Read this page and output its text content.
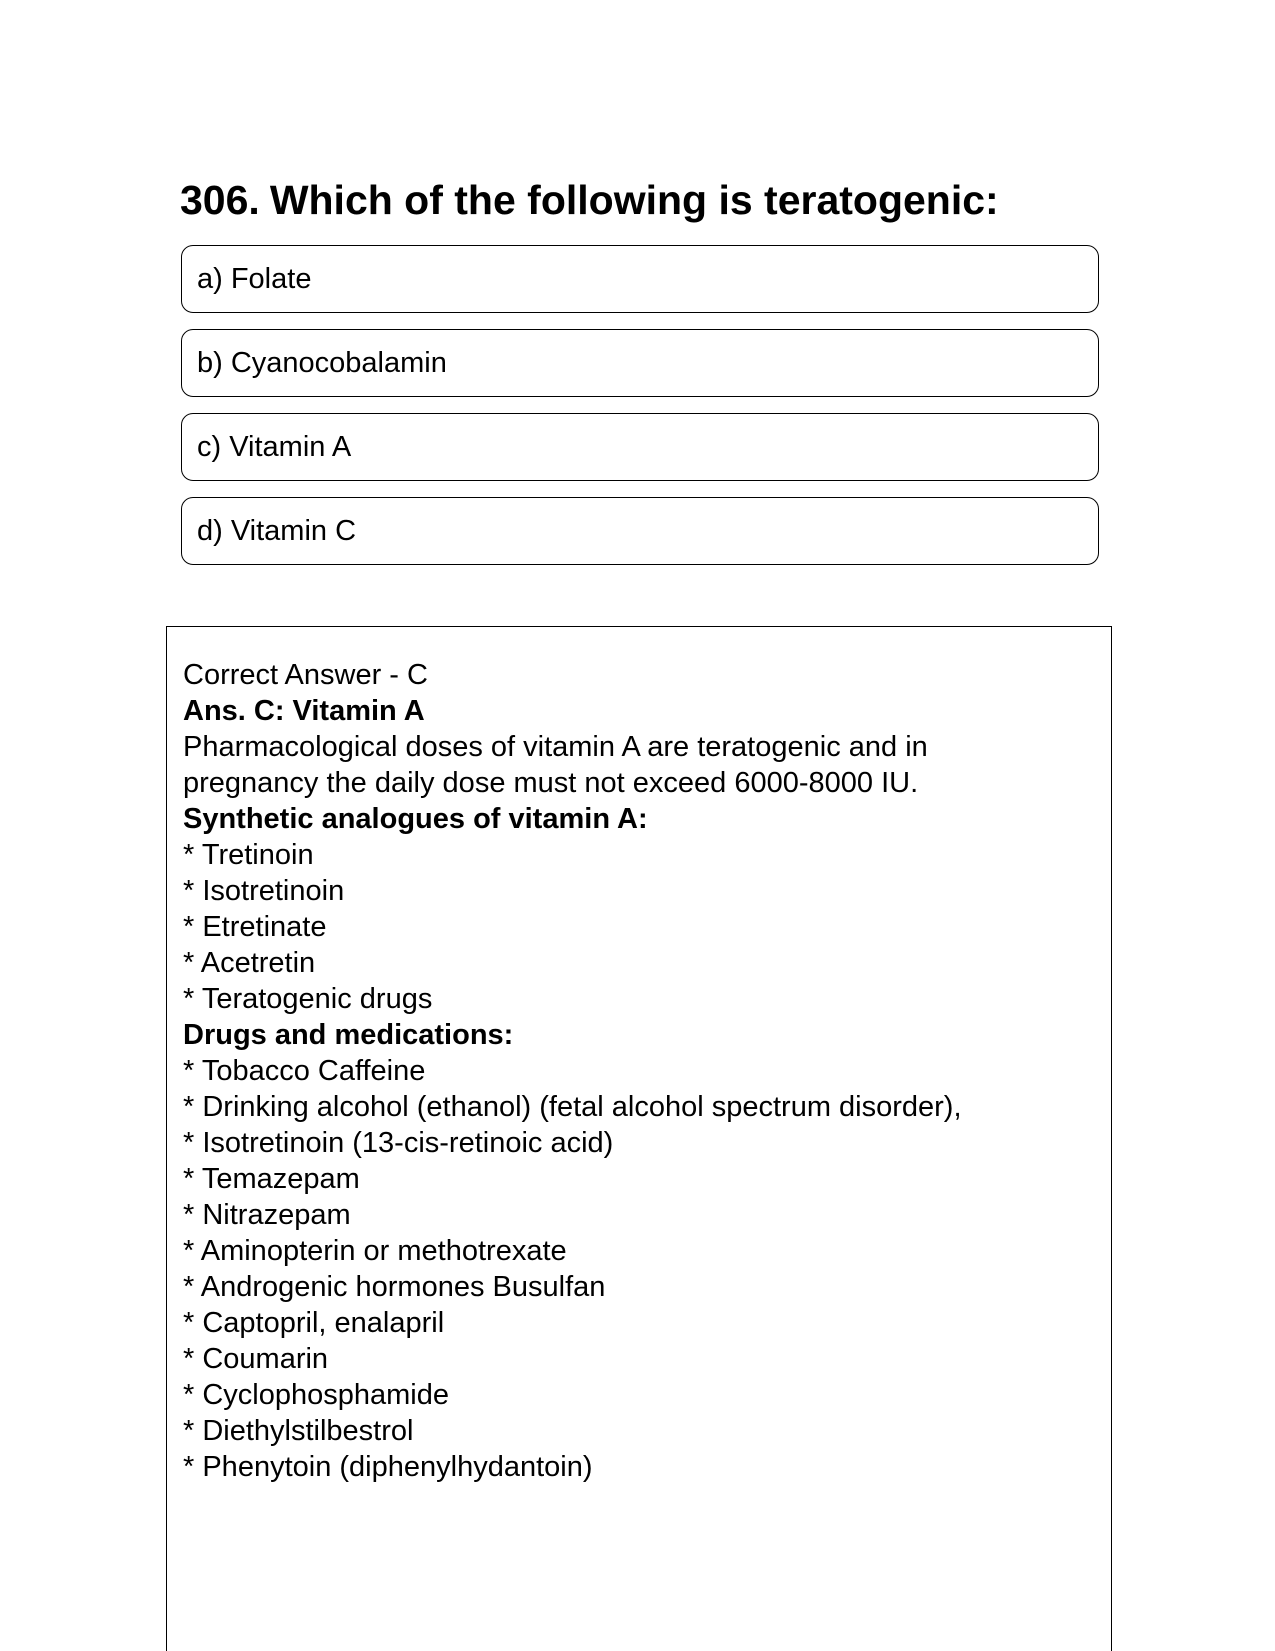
306. Which of the following is teratogenic:
a) Folate
b) Cyanocobalamin
c) Vitamin A
d) Vitamin C
Correct Answer - C
Ans. C: Vitamin A
Pharmacological doses of vitamin A are teratogenic and in pregnancy the daily dose must not exceed 6000-8000 IU.
Synthetic analogues of vitamin A:
* Tretinoin
* Isotretinoin
* Etretinate
* Acetretin
* Teratogenic drugs
Drugs and medications:
* Tobacco Caffeine
* Drinking alcohol (ethanol) (fetal alcohol spectrum disorder),
* Isotretinoin (13-cis-retinoic acid)
* Temazepam
* Nitrazepam
* Aminopterin or methotrexate
* Androgenic hormones Busulfan
* Captopril, enalapril
* Coumarin
* Cyclophosphamide
* Diethylstilbestrol
* Phenytoin (diphenylhydantoin)
